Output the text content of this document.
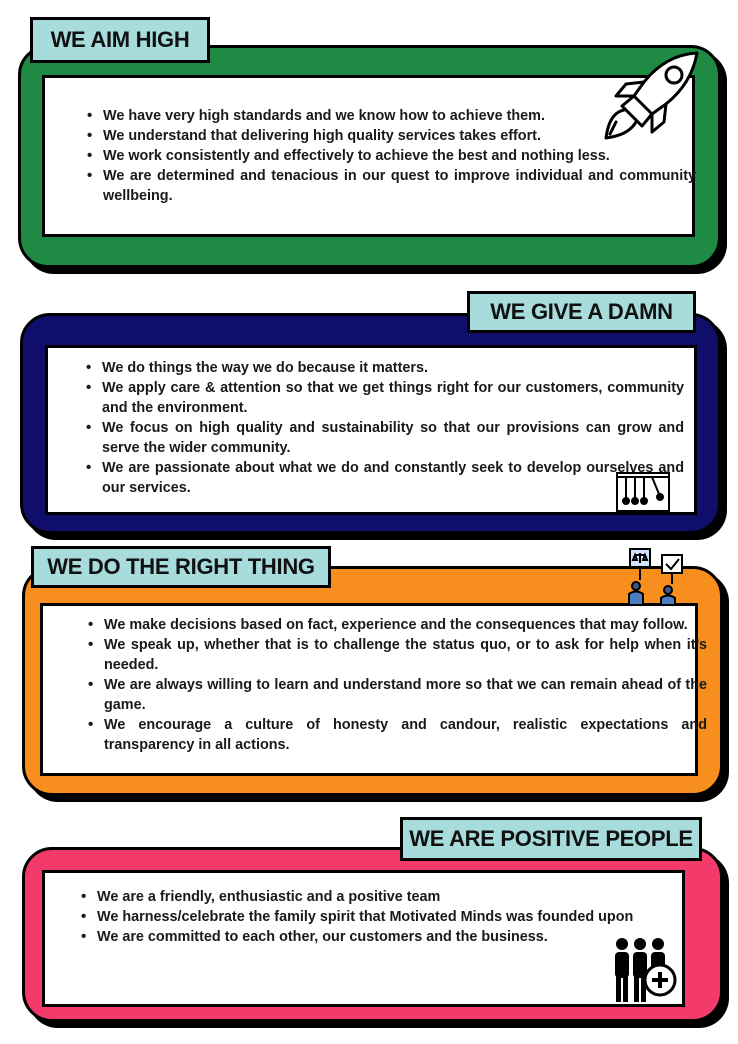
• We have very high standards and we know how to achieve them.
• We understand that delivering high quality services takes effort.
• We work consistently and effectively to achieve the best and nothing less.
• We are determined and tenacious in our quest to improve individual and community wellbeing.
WE AIM HIGH
• We do things the way we do because it matters.
• We apply care & attention so that we get things right for our customers, community and the environment.
• We focus on high quality and sustainability so that our provisions can grow and serve the wider community.
• We are passionate about what we do and constantly seek to develop ourselves and our services.
WE GIVE A DAMN
• We make decisions based on fact, experience and the consequences that may follow.
• We speak up, whether that is to challenge the status quo, or to ask for help when it’s needed.
• We are always willing to learn and understand more so that we can remain ahead of the game.
• We encourage a culture of honesty and candour, realistic expectations and transparency in all actions.
WE DO THE RIGHT THING
• We are a friendly, enthusiastic and a positive team
• We harness/celebrate the family spirit that Motivated Minds was founded upon
• We are committed to each other, our customers and the business.
WE ARE POSITIVE PEOPLE
